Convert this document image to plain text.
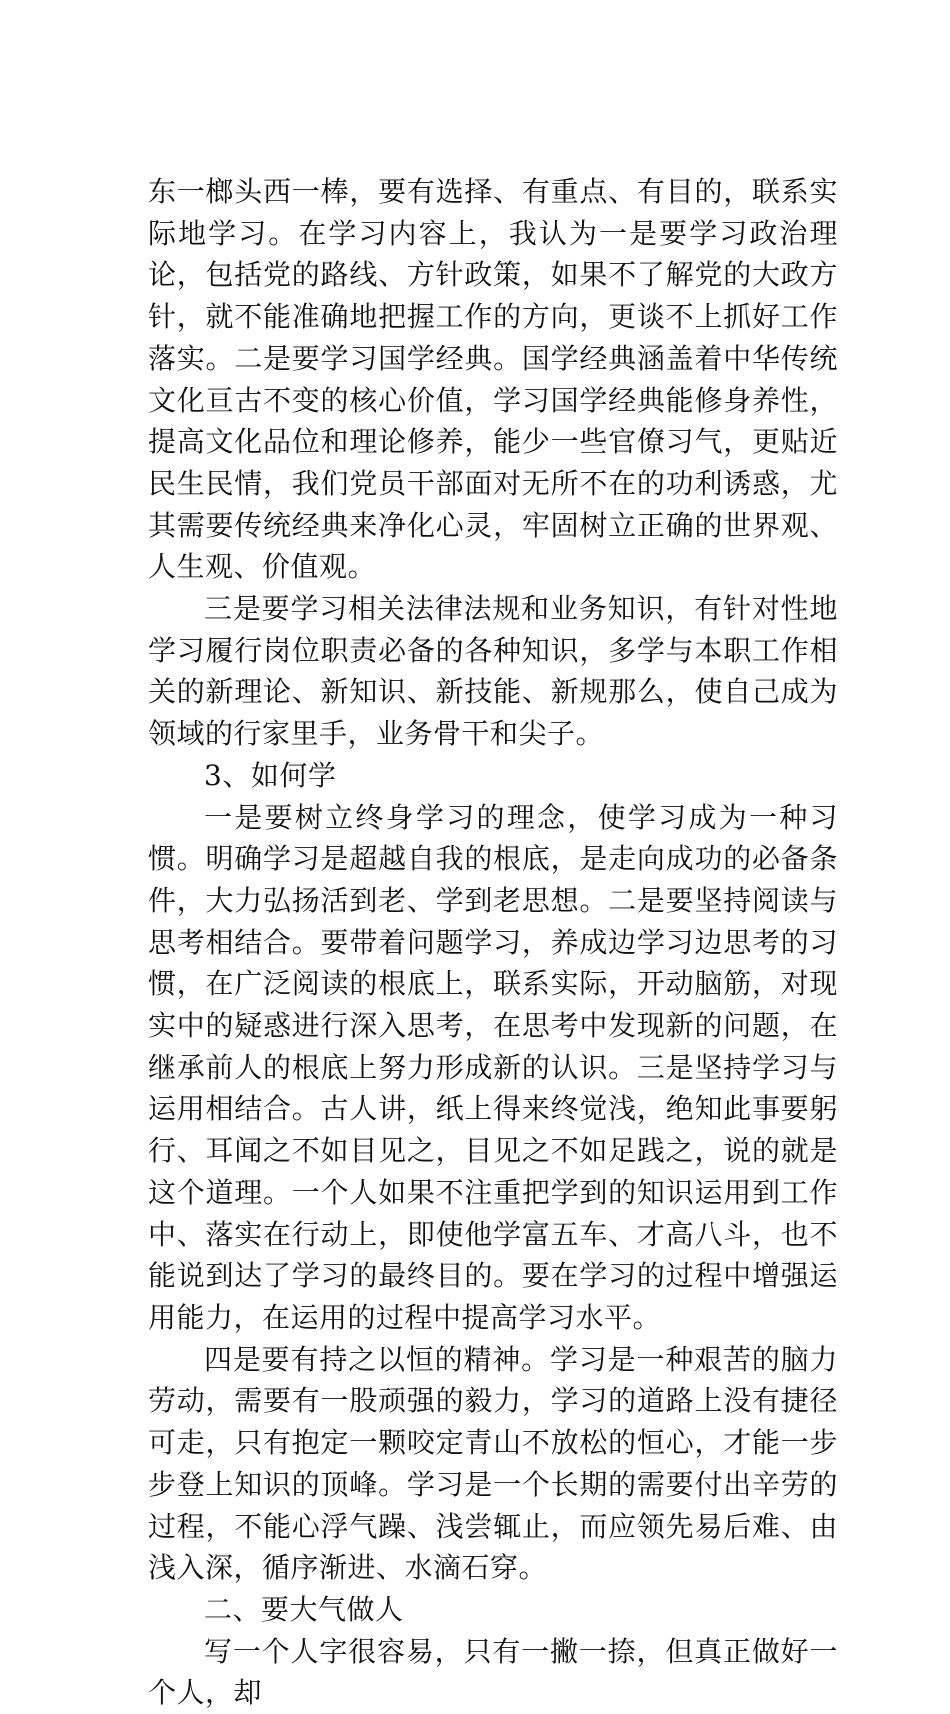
东一榔头西一棒，要有选择、有重点、有目的，联系实际地学习。在学习内容上，我认为一是要学习政治理论，包括党的路线、方针政策，如果不了解党的大政方针，就不能准确地把握工作的方向，更谈不上抓好工作落实。二是要学习国学经典。国学经典涵盖着中华传统文化亘古不变的核心价值，学习国学经典能修身养性，提高文化品位和理论修养，能少一些官僚习气，更贴近民生民情，我们党员干部面对无所不在的功利诱惑，尤其需要传统经典来净化心灵，牢固树立正确的世界观、人生观、价值观。

三是要学习相关法律法规和业务知识，有针对性地学习履行岗位职责必备的各种知识，多学与本职工作相关的新理论、新知识、新技能、新规那么，使自己成为领域的行家里手，业务骨干和尖子。

3、如何学

一是要树立终身学习的理念，使学习成为一种习惯。明确学习是超越自我的根底，是走向成功的必备条件，大力弘扬活到老、学到老思想。二是要坚持阅读与思考相结合。要带着问题学习，养成边学习边思考的习惯，在广泛阅读的根底上，联系实际，开动脑筋，对现实中的疑惑进行深入思考，在思考中发现新的问题，在继承前人的根底上努力形成新的认识。三是坚持学习与运用相结合。古人讲，纸上得来终觉浅，绝知此事要躬行、耳闻之不如目见之，目见之不如足践之，说的就是这个道理。一个人如果不注重把学到的知识运用到工作中、落实在行动上，即使他学富五车、才高八斗，也不能说到达了学习的最终目的。要在学习的过程中增强运用能力，在运用的过程中提高学习水平。

四是要有持之以恒的精神。学习是一种艰苦的脑力劳动，需要有一股顽强的毅力，学习的道路上没有捷径可走，只有抱定一颗咬定青山不放松的恒心，才能一步步登上知识的顶峰。学习是一个长期的需要付出辛劳的过程，不能心浮气躁、浅尝辄止，而应领先易后难、由浅入深，循序渐进、水滴石穿。

二、要大气做人

写一个人字很容易，只有一撇一捺，但真正做好一个人，却
